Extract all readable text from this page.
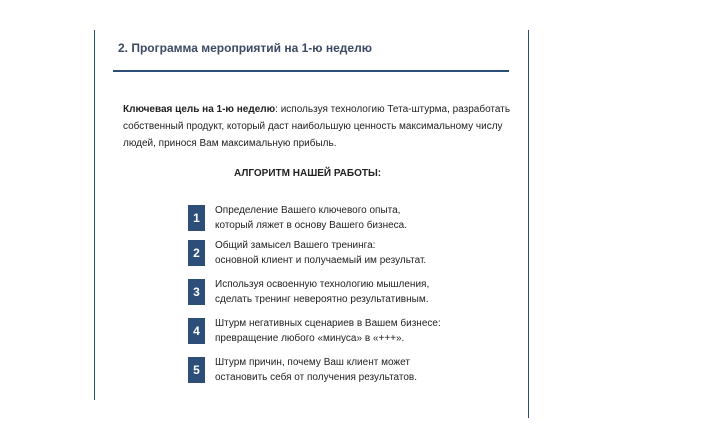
2. Программа мероприятий на 1-ю неделю
Ключевая цель на 1-ю неделю: используя технологию Тета-штурма, разработать собственный продукт, который даст наибольшую ценность максимальному числу людей, принося Вам максимальную прибыль.
АЛГОРИТМ НАШЕЙ РАБОТЫ:
1
Определение Вашего ключевого опыта,
который ляжет в основу Вашего бизнеса.
2
Общий замысел Вашего тренинга:
основной клиент и получаемый им результат.
3
Используя освоенную технологию мышления,
сделать тренинг невероятно результативным.
4
Штурм негативных сценариев в Вашем бизнесе:
превращение любого «минуса» в «+++».
5
Штурм причин, почему Ваш клиент может
остановить себя от получения результатов.
